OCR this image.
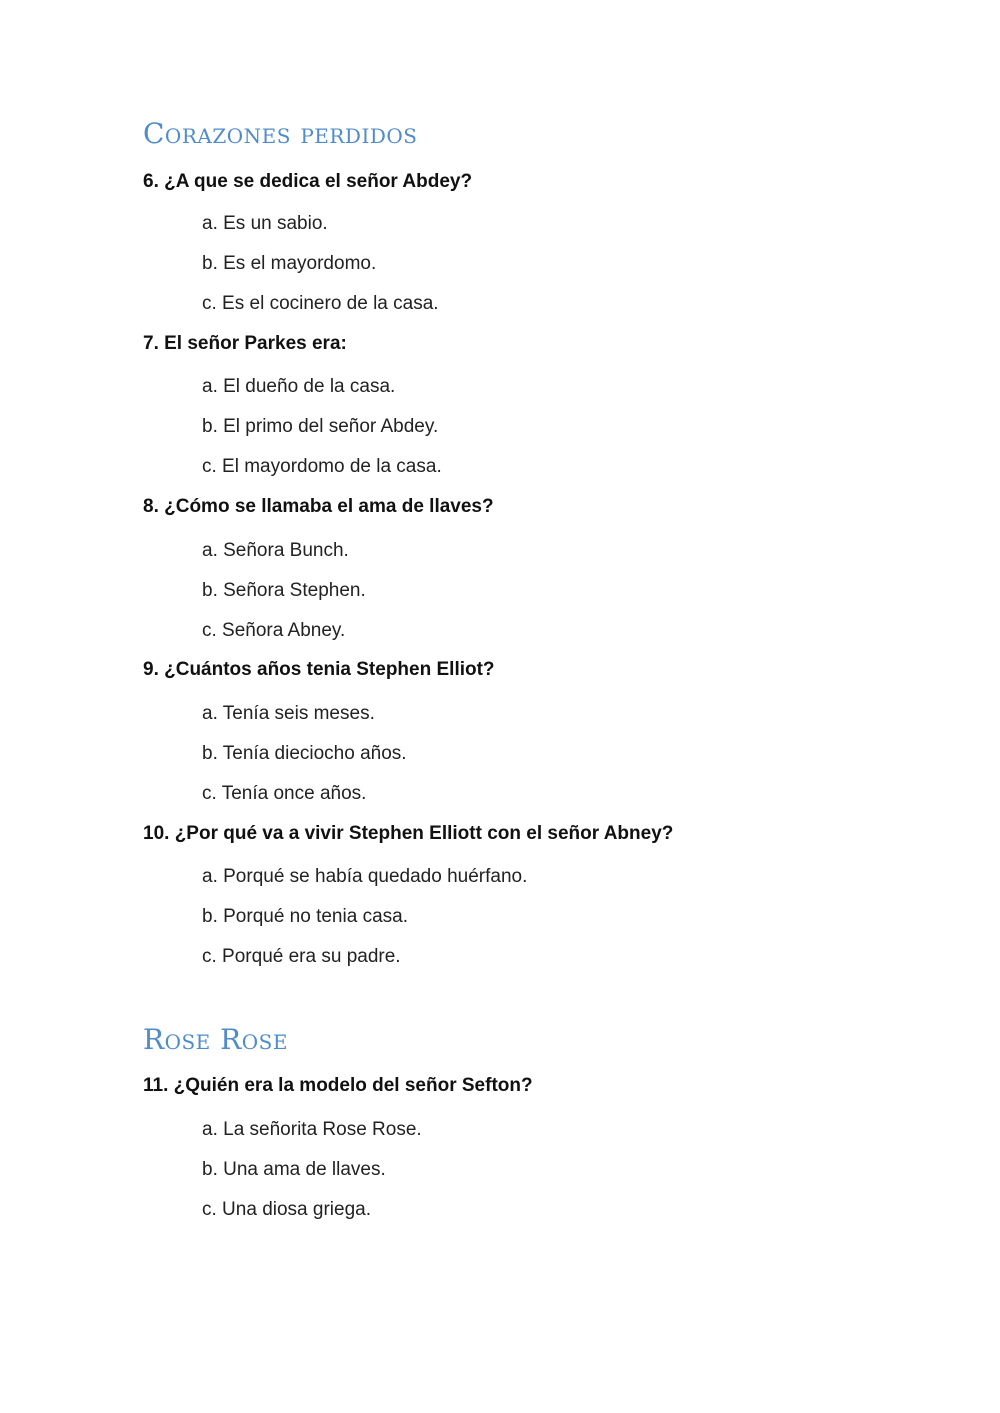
Corazones perdidos

6. ¿A que se dedica el señor Abdey?

a. Es un sabio.

b. Es el mayordomo.

c. Es el cocinero de la casa.

7. El señor Parkes era:

a. El dueño de la casa.

b. El primo del señor Abdey.

c. El mayordomo de la casa.

8. ¿Cómo se llamaba el ama de llaves?

a. Señora Bunch.

b. Señora Stephen.

c. Señora Abney.

9. ¿Cuántos años tenia Stephen Elliot?

a. Tenía seis meses.

b. Tenía dieciocho años.

c. Tenía once años.

10. ¿Por qué va a vivir Stephen Elliott con el señor Abney?

a. Porqué se había quedado huérfano.

b. Porqué no tenia casa.

c. Porqué era su padre.

Rose Rose

11. ¿Quién era la modelo del señor Sefton?

a. La señorita Rose Rose.

b. Una ama de llaves.

c. Una diosa griega.
